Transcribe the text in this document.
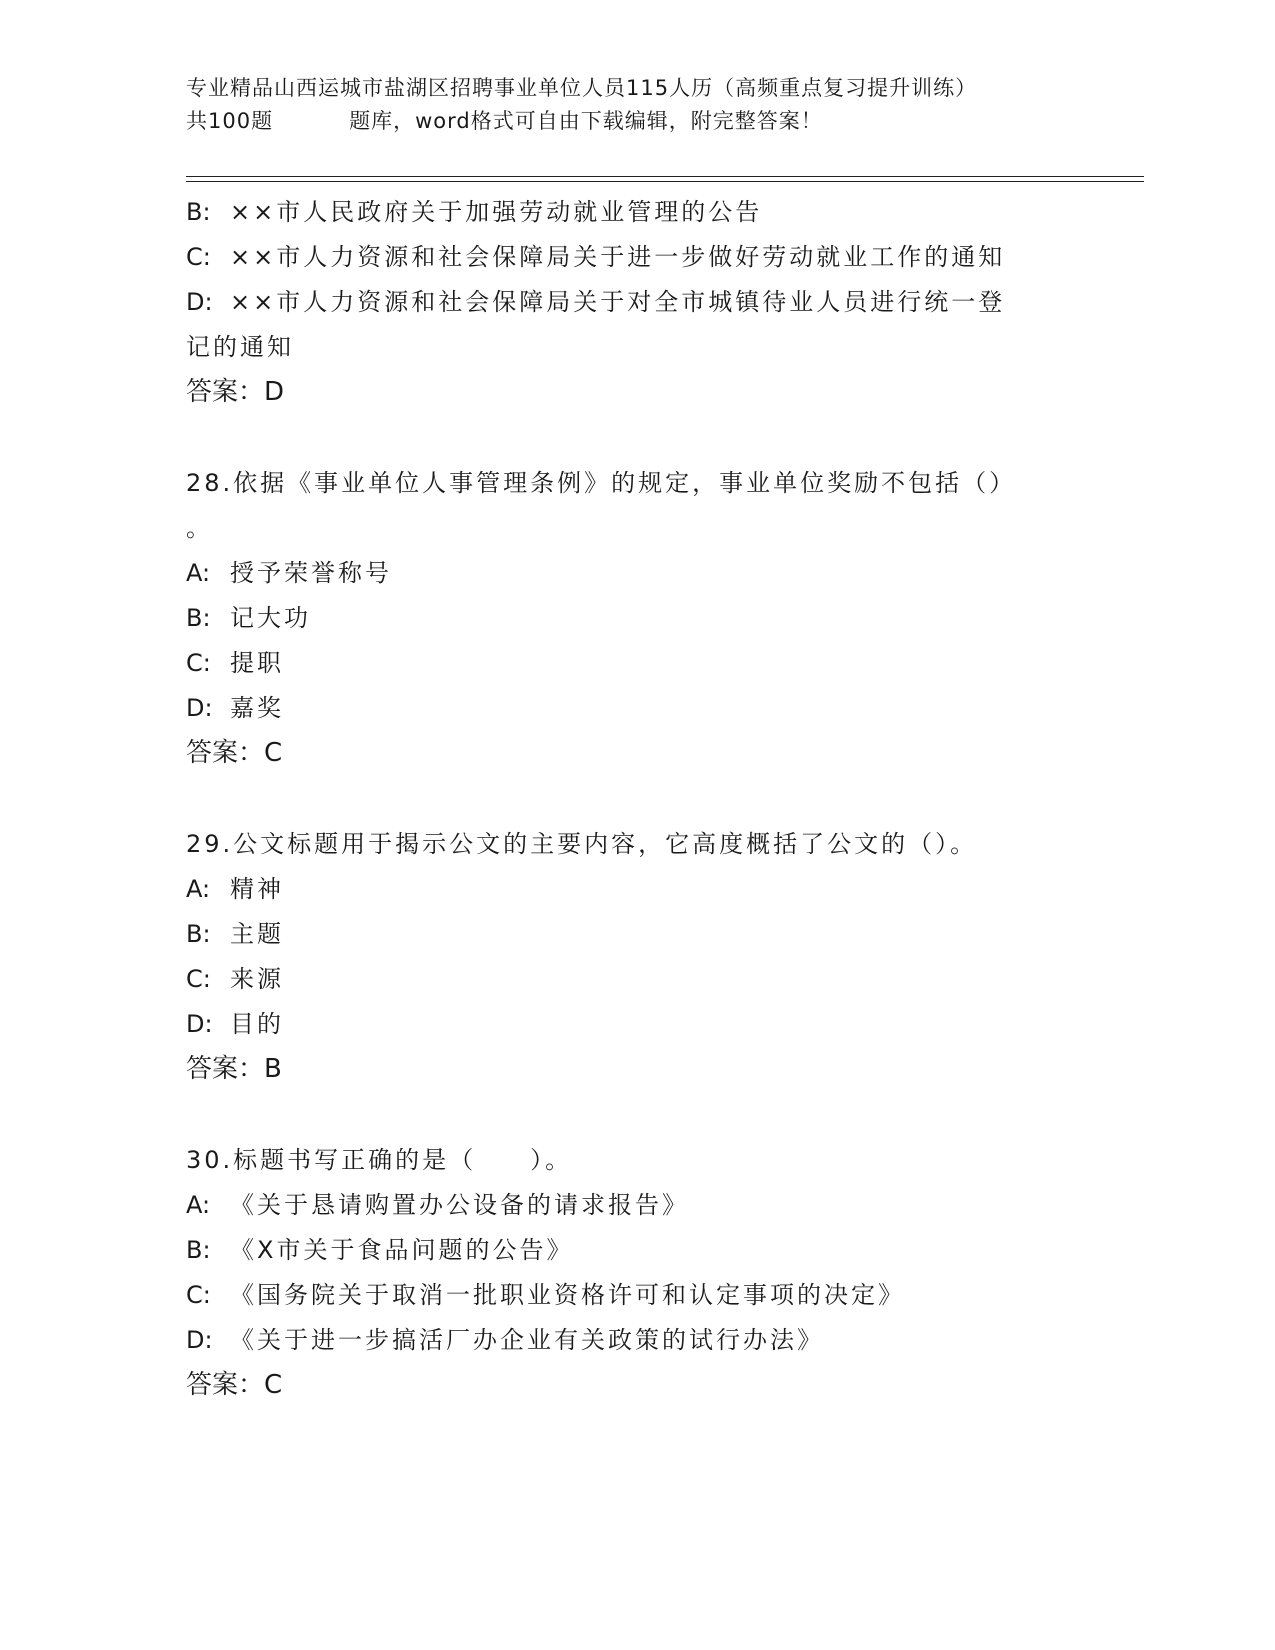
专业精品山西运城市盐湖区招聘事业单位人员115人历（高频重点复习提升训练）
共100题	题库，word格式可自由下载编辑，附完整答案！
B: ××市人民政府关于加强劳动就业管理的公告
C: ××市人力资源和社会保障局关于进一步做好劳动就业工作的通知
D: ××市人力资源和社会保障局关于对全市城镇待业人员进行统一登
记的通知
答案：D
28.依据《事业单位人事管理条例》的规定，事业单位奖励不包括（）
。
A: 授予荣誉称号
B: 记大功
C: 提职
D: 嘉奖
答案：C
29.公文标题用于揭示公文的主要内容，它高度概括了公文的（）。
A: 精神
B: 主题
C: 来源
D: 目的
答案：B
30.标题书写正确的是（　　）。
A: 《关于恳请购置办公设备的请求报告》
B: 《X市关于食品问题的公告》
C: 《国务院关于取消一批职业资格许可和认定事项的决定》
D: 《关于进一步搞活厂办企业有关政策的试行办法》
答案：C
